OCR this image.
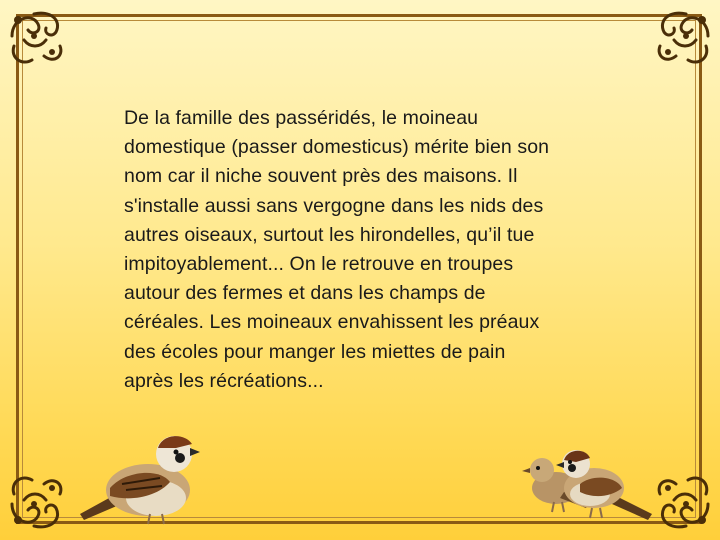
De la famille des passéridés, le moineau
domestique (passer domesticus) mérite bien son
nom car il niche souvent près des maisons. Il
s'installe aussi sans vergogne dans les nids des
autres oiseaux, surtout les hirondelles, qu’il tue
impitoyablement... On le retrouve en troupes
autour des fermes et dans les champs de
céréales. Les moineaux envahissent les préaux
des écoles pour manger les miettes de pain
après les récréations...
